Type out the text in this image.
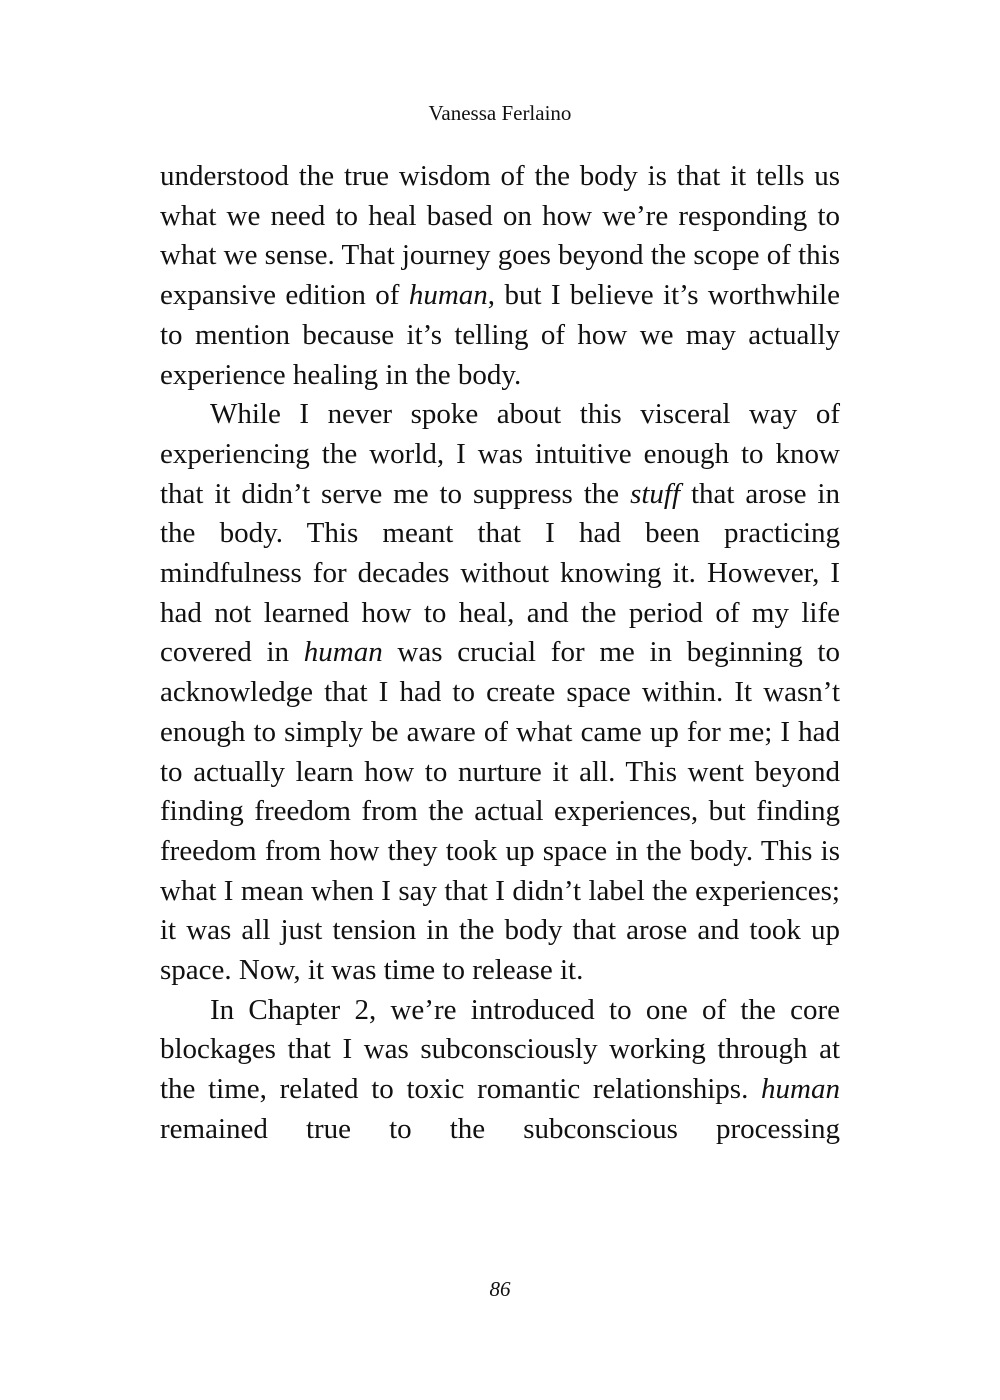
Vanessa Ferlaino

understood the true wisdom of the body is that it tells us what we need to heal based on how we’re responding to what we sense. That journey goes beyond the scope of this expansive edition of human, but I believe it’s worthwhile to mention because it’s telling of how we may actually experience healing in the body.

While I never spoke about this visceral way of experiencing the world, I was intuitive enough to know that it didn’t serve me to suppress the stuff that arose in the body. This meant that I had been practicing mindfulness for decades without knowing it. However, I had not learned how to heal, and the period of my life covered in human was crucial for me in beginning to acknowledge that I had to create space within. It wasn’t enough to simply be aware of what came up for me; I had to actually learn how to nurture it all. This went beyond finding freedom from the actual experiences, but finding freedom from how they took up space in the body. This is what I mean when I say that I didn’t label the experiences; it was all just tension in the body that arose and took up space. Now, it was time to release it.

In Chapter 2, we’re introduced to one of the core blockages that I was subconsciously working through at the time, related to toxic romantic relationships. human remained true to the subconscious processing

86
